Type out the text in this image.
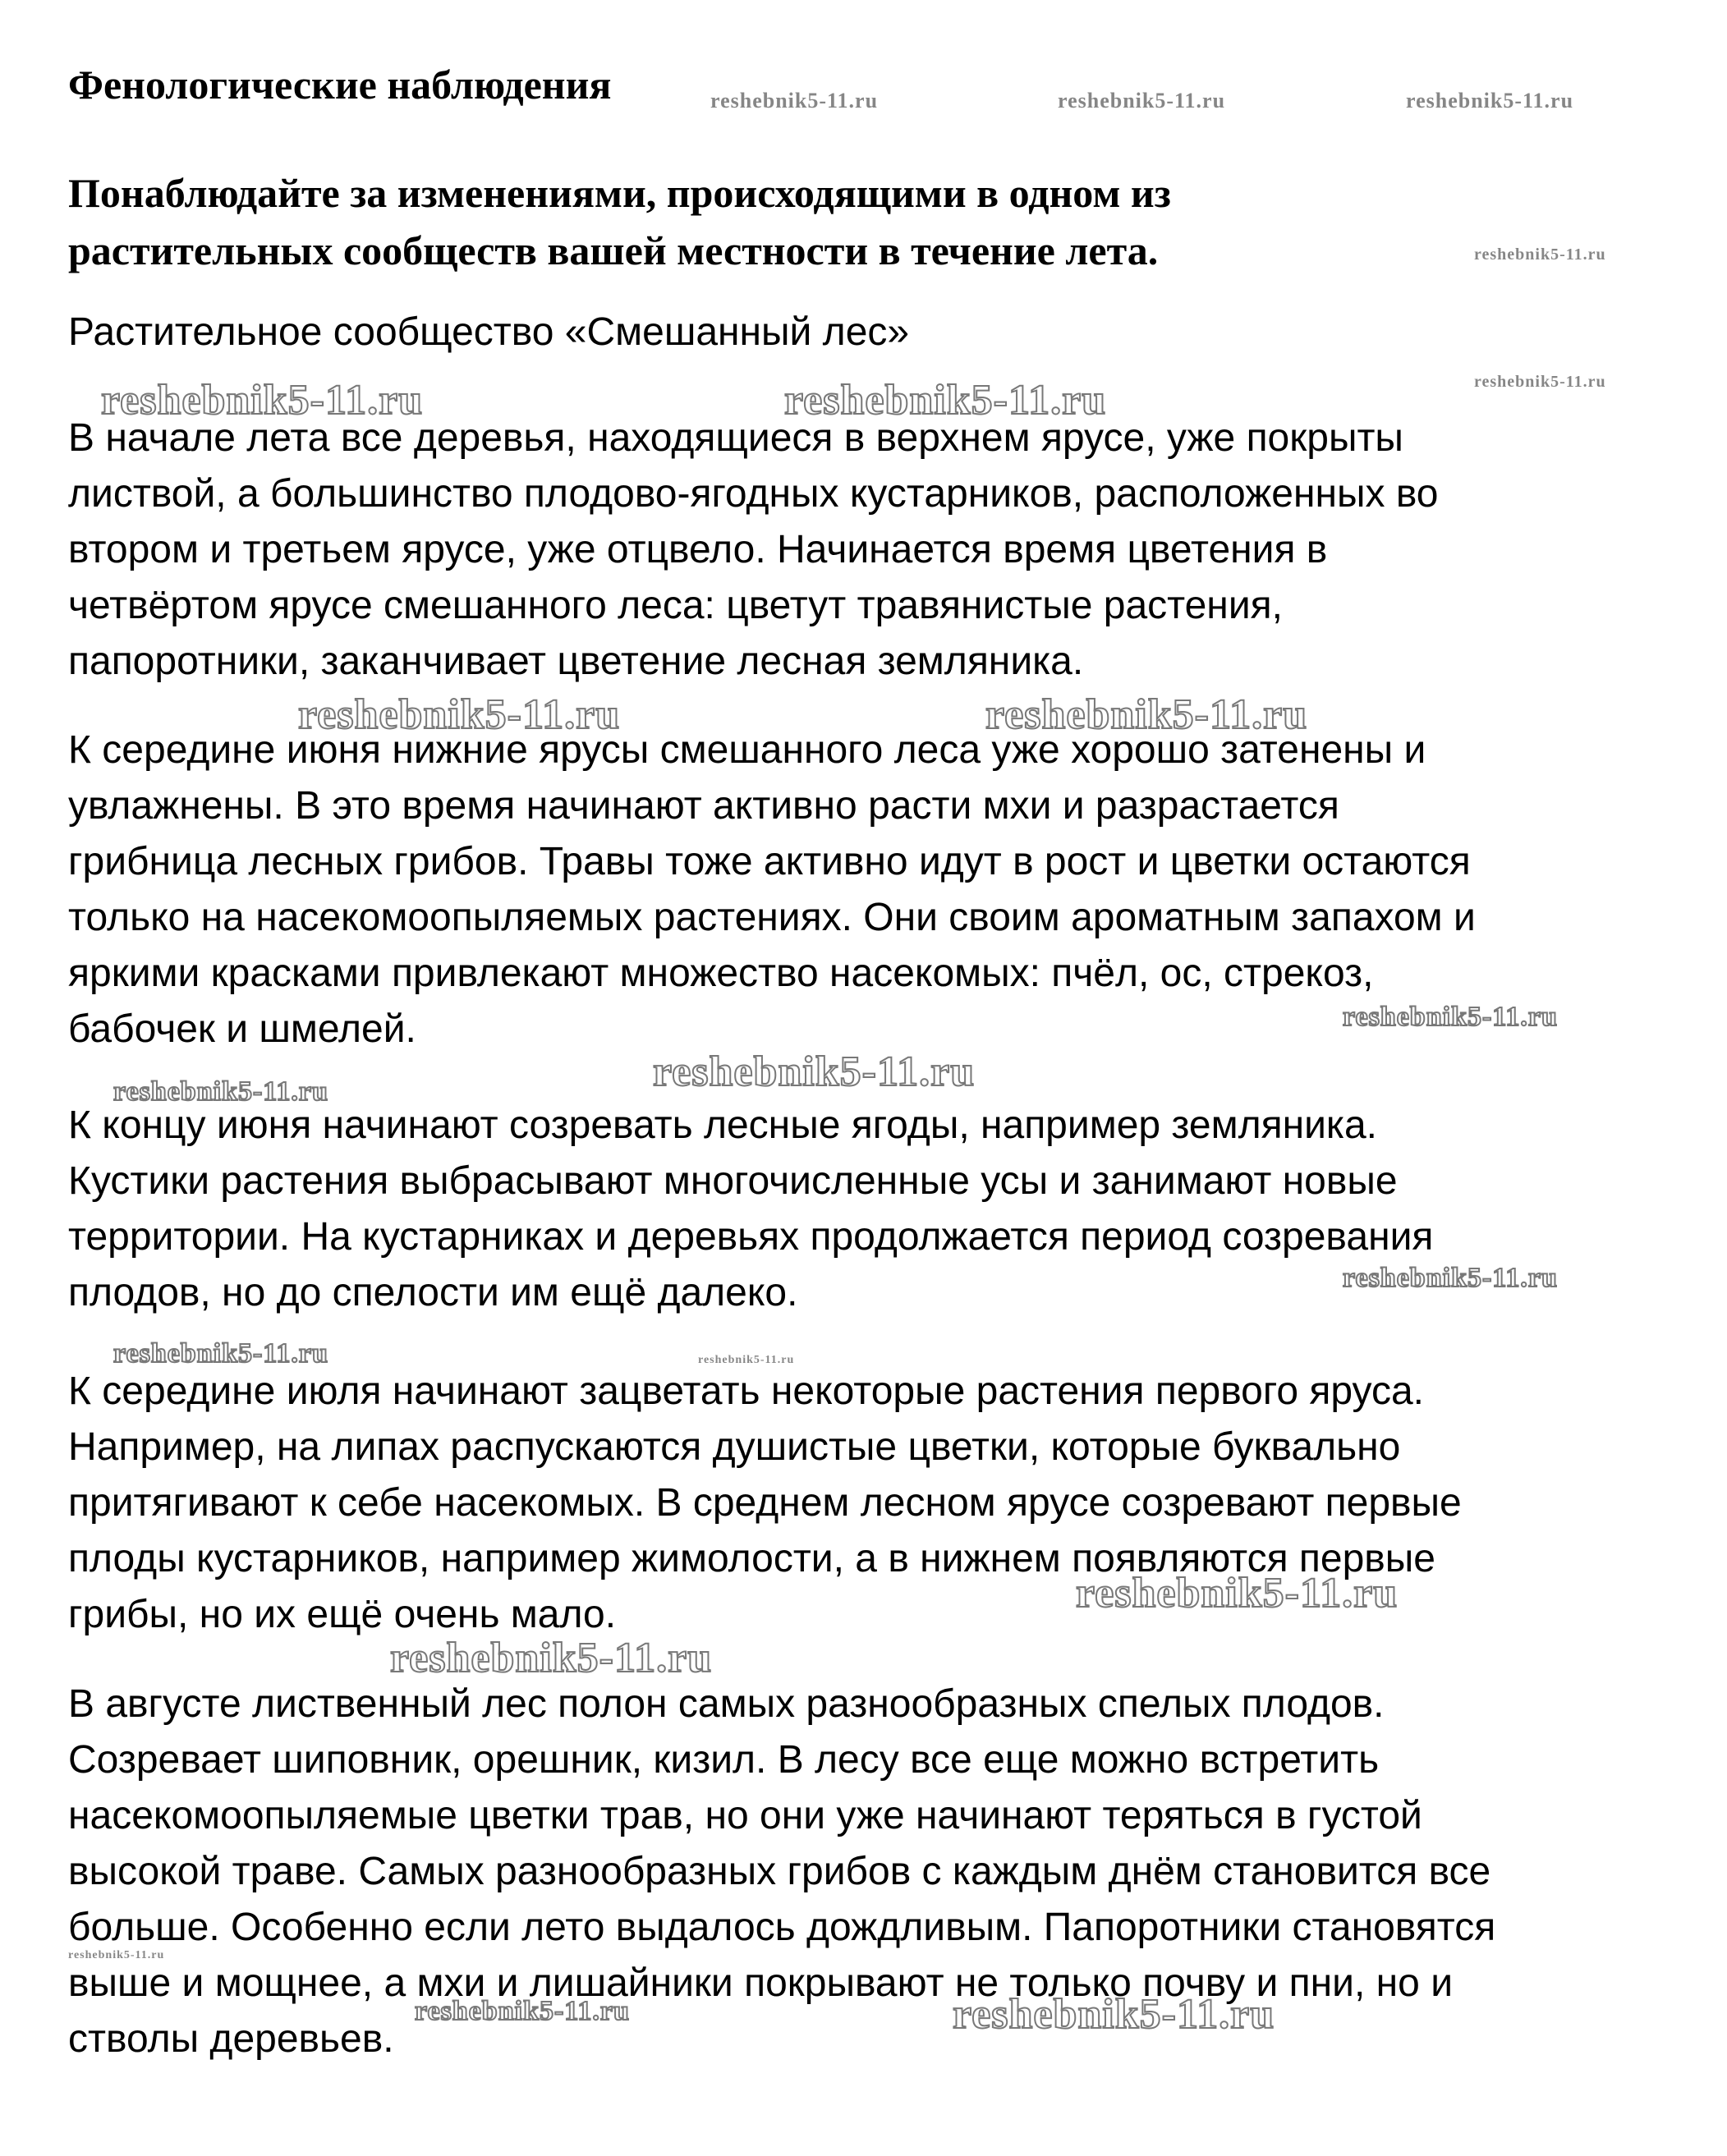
Фенологические наблюдения
Понаблюдайте за изменениями, происходящими в одном из
растительных сообществ вашей местности в течение лета.

Растительное сообщество «Смешанный лес»

В начале лета все деревья, находящиеся в верхнем ярусе, уже покрыты
листвой, а большинство плодово-ягодных кустарников, расположенных во
втором и третьем ярусе, уже отцвело. Начинается время цветения в
четвёртом ярусе смешанного леса: цветут травянистые растения,
папоротники, заканчивает цветение лесная земляника.
К середине июня нижние ярусы смешанного леса уже хорошо затенены и
увлажнены. В это время начинают активно расти мхи и разрастается
грибница лесных грибов. Травы тоже активно идут в рост и цветки остаются
только на насекомоопыляемых растениях. Они своим ароматным запахом и
яркими красками привлекают множество насекомых: пчёл, ос, стрекоз,
бабочек и шмелей.
К концу июня начинают созревать лесные ягоды, например земляника.
Кустики растения выбрасывают многочисленные усы и занимают новые
территории. На кустарниках и деревьях продолжается период созревания
плодов, но до спелости им ещё далеко.
К середине июля начинают зацветать некоторые растения первого яруса.
Например, на липах распускаются душистые цветки, которые буквально
притягивают к себе насекомых. В среднем лесном ярусе созревают первые
плоды кустарников, например жимолости, а в нижнем появляются первые
грибы, но их ещё очень мало.
В августе лиственный лес полон самых разнообразных спелых плодов.
Созревает шиповник, орешник, кизил. В лесу все еще можно встретить
насекомоопыляемые цветки трав, но они уже начинают теряться в густой
высокой траве. Самых разнообразных грибов с каждым днём становится все
больше. Особенно если лето выдалось дождливым. Папоротники становятся
выше и мощнее, а мхи и лишайники покрывают не только почву и пни, но и
стволы деревьев.
reshebnik5-11.ru	reshebnik5-11.ru	reshebnik5-11.ru
reshebnik5-11.ru
reshebnik5-11.ru
reshebnik5-11.ru	reshebnik5-11.ru
reshebnik5-11.ru	reshebnik5-11.ru
reshebnik5-11.ru
reshebnik5-11.ru	reshebnik5-11.ru
reshebnik5-11.ru
reshebnik5-11.ru	reshebnik5-11.ru
reshebnik5-11.ru
reshebnik5-11.ru
reshebnik5-11.ru
reshebnik5-11.ru	reshebnik5-11.ru
